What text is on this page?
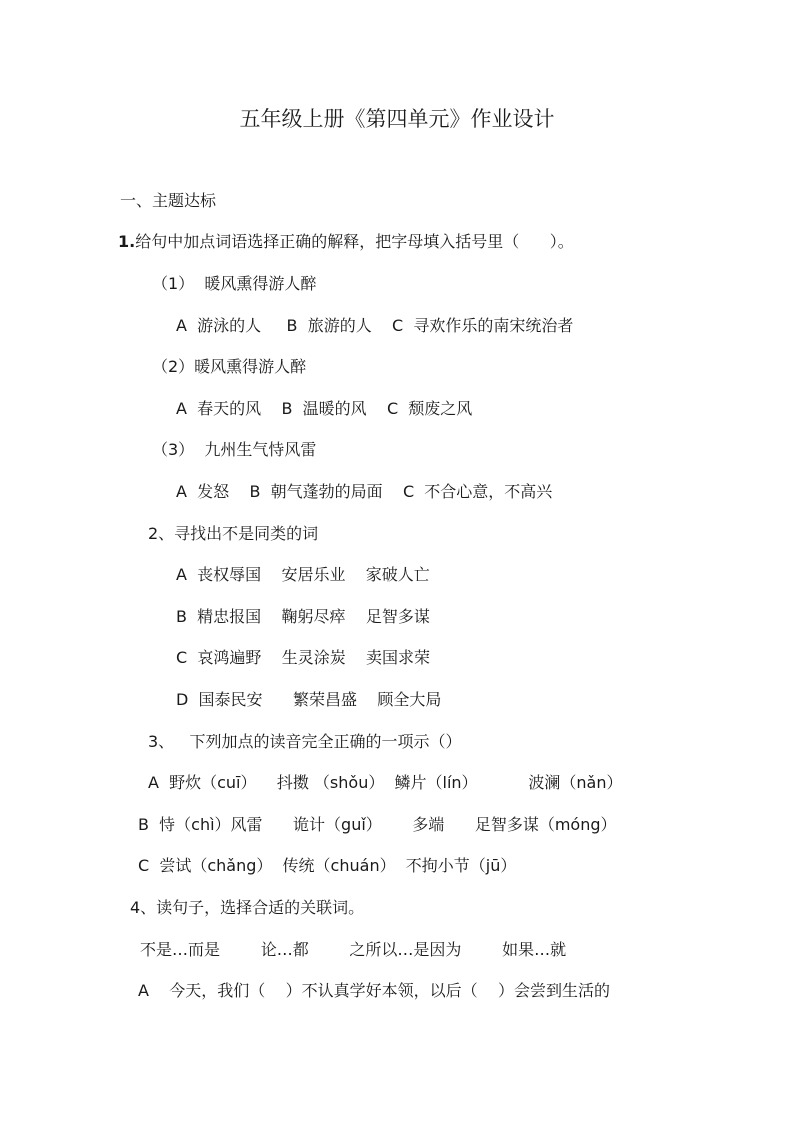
五年级上册《第四单元》作业设计
一、主题达标
1.给句中加点词语选择正确的解释，把字母填入括号里（      ）。
（1）  暖风熏得游人醉
A  游泳的人     B  旅游的人    C  寻欢作乐的南宋统治者
（2）暖风熏得游人醉
A  春天的风    B  温暖的风    C  颓废之风
（3）  九州生气恃风雷
A  发怒    B  朝气蓬勃的局面    C  不合心意，不高兴
2、寻找出不是同类的词
A  丧权辱国    安居乐业    家破人亡
B  精忠报国    鞠躬尽瘁    足智多谋
C  哀鸿遍野    生灵涂炭    卖国求荣
D  国泰民安      繁荣昌盛    顾全大局
3、   下列加点的读音完全正确的一项示（）
A  野炊（cuī）    抖擞 （shǒu）  鳞片（lín）          波澜（nǎn）
B  恃（chì）风雷      诡计（guǐ）      多端      足智多谋（móng）
C  尝试（chǎng）  传统（chuán）  不拘小节（jū）
4、读句子，选择合适的关联词。
不是…而是        论…都        之所以…是因为        如果…就
A    今天，我们（    ）不认真学好本领，以后（    ）会尝到生活的
